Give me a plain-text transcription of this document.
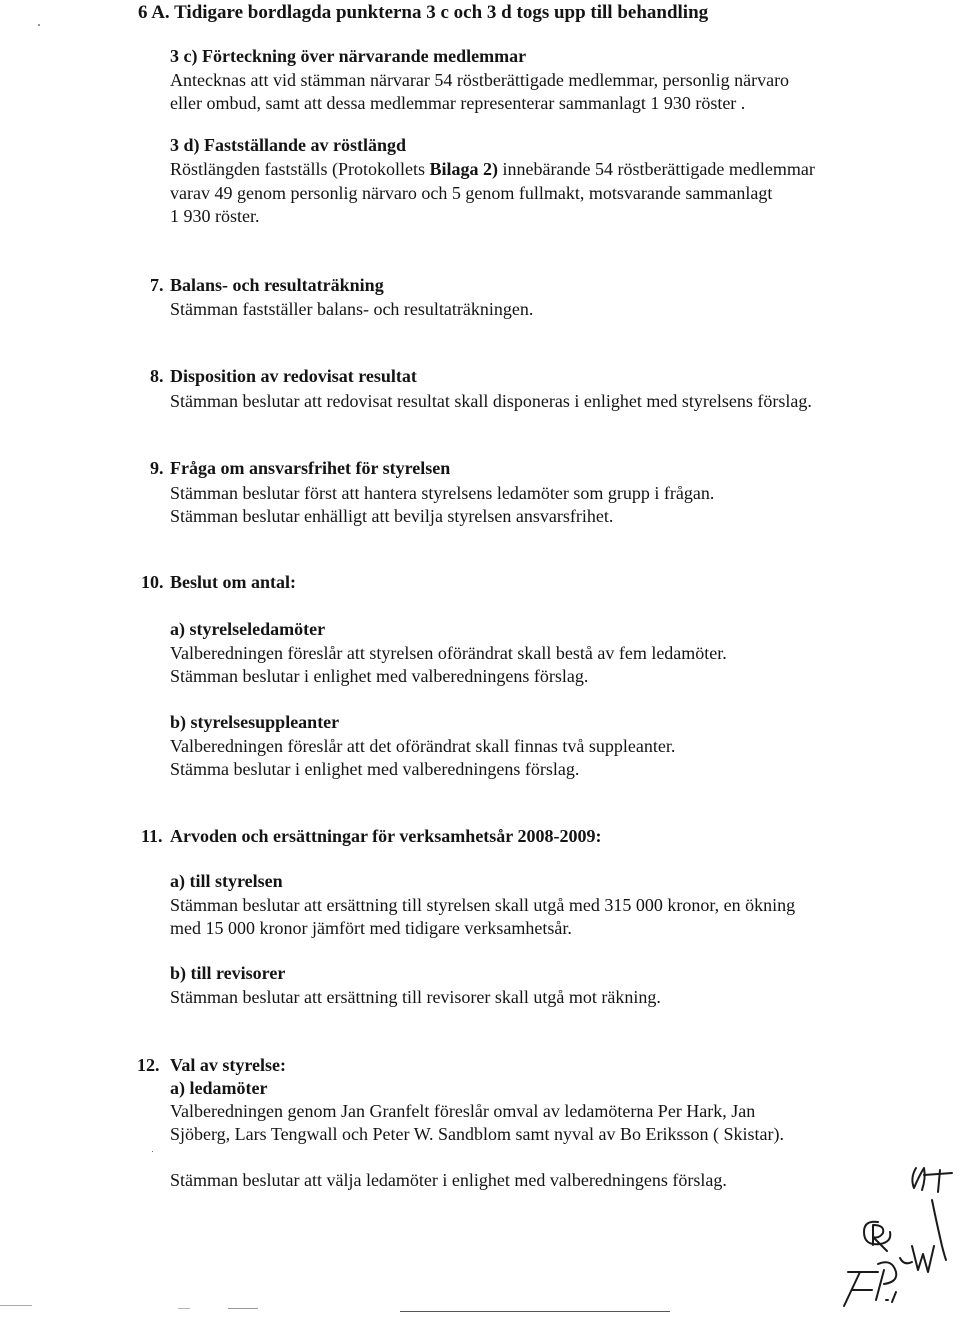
6 A. Tidigare bordlagda punkterna 3 c och 3 d togs upp till behandling
3 c) Förteckning över närvarande medlemmar
Antecknas att vid stämman närvarar 54 röstberättigade medlemmar, personlig närvaro
eller ombud, samt att dessa medlemmar representerar sammanlagt 1 930 röster .
3 d) Fastställande av röstlängd
Röstlängden fastställs (Protokollets Bilaga 2) innebärande 54 röstberättigade medlemmar
varav 49 genom personlig närvaro och 5 genom fullmakt, motsvarande sammanlagt
1 930 röster.
7. Balans- och resultaträkning
Stämman fastställer balans- och resultaträkningen.
8. Disposition av redovisat resultat
Stämman beslutar att redovisat resultat skall disponeras i enlighet med styrelsens förslag.
9. Fråga om ansvarsfrihet för styrelsen
Stämman beslutar först att hantera styrelsens ledamöter som grupp i frågan.
Stämman beslutar enhälligt att bevilja styrelsen ansvarsfrihet.
10. Beslut om antal:
a) styrelseledamöter
Valberedningen föreslår att styrelsen oförändrat skall bestå av fem ledamöter.
Stämman beslutar i enlighet med valberedningens förslag.
b) styrelsesuppleanter
Valberedningen föreslår att det oförändrat skall finnas två suppleanter.
Stämma beslutar i enlighet med valberedningens förslag.
11. Arvoden och ersättningar för verksamhetsår 2008-2009:
a) till styrelsen
Stämman beslutar att ersättning till styrelsen skall utgå med 315 000 kronor, en ökning
med 15 000 kronor jämfört med tidigare verksamhetsår.
b) till revisorer
Stämman beslutar att ersättning till revisorer skall utgå mot räkning.
12. Val av styrelse:
a) ledamöter
Valberedningen genom Jan Granfelt föreslår omval av ledamöterna Per Hark, Jan
Sjöberg, Lars Tengwall och Peter W. Sandblom samt nyval av Bo Eriksson ( Skistar).
Stämman beslutar att välja ledamöter i enlighet med valberedningens förslag.
